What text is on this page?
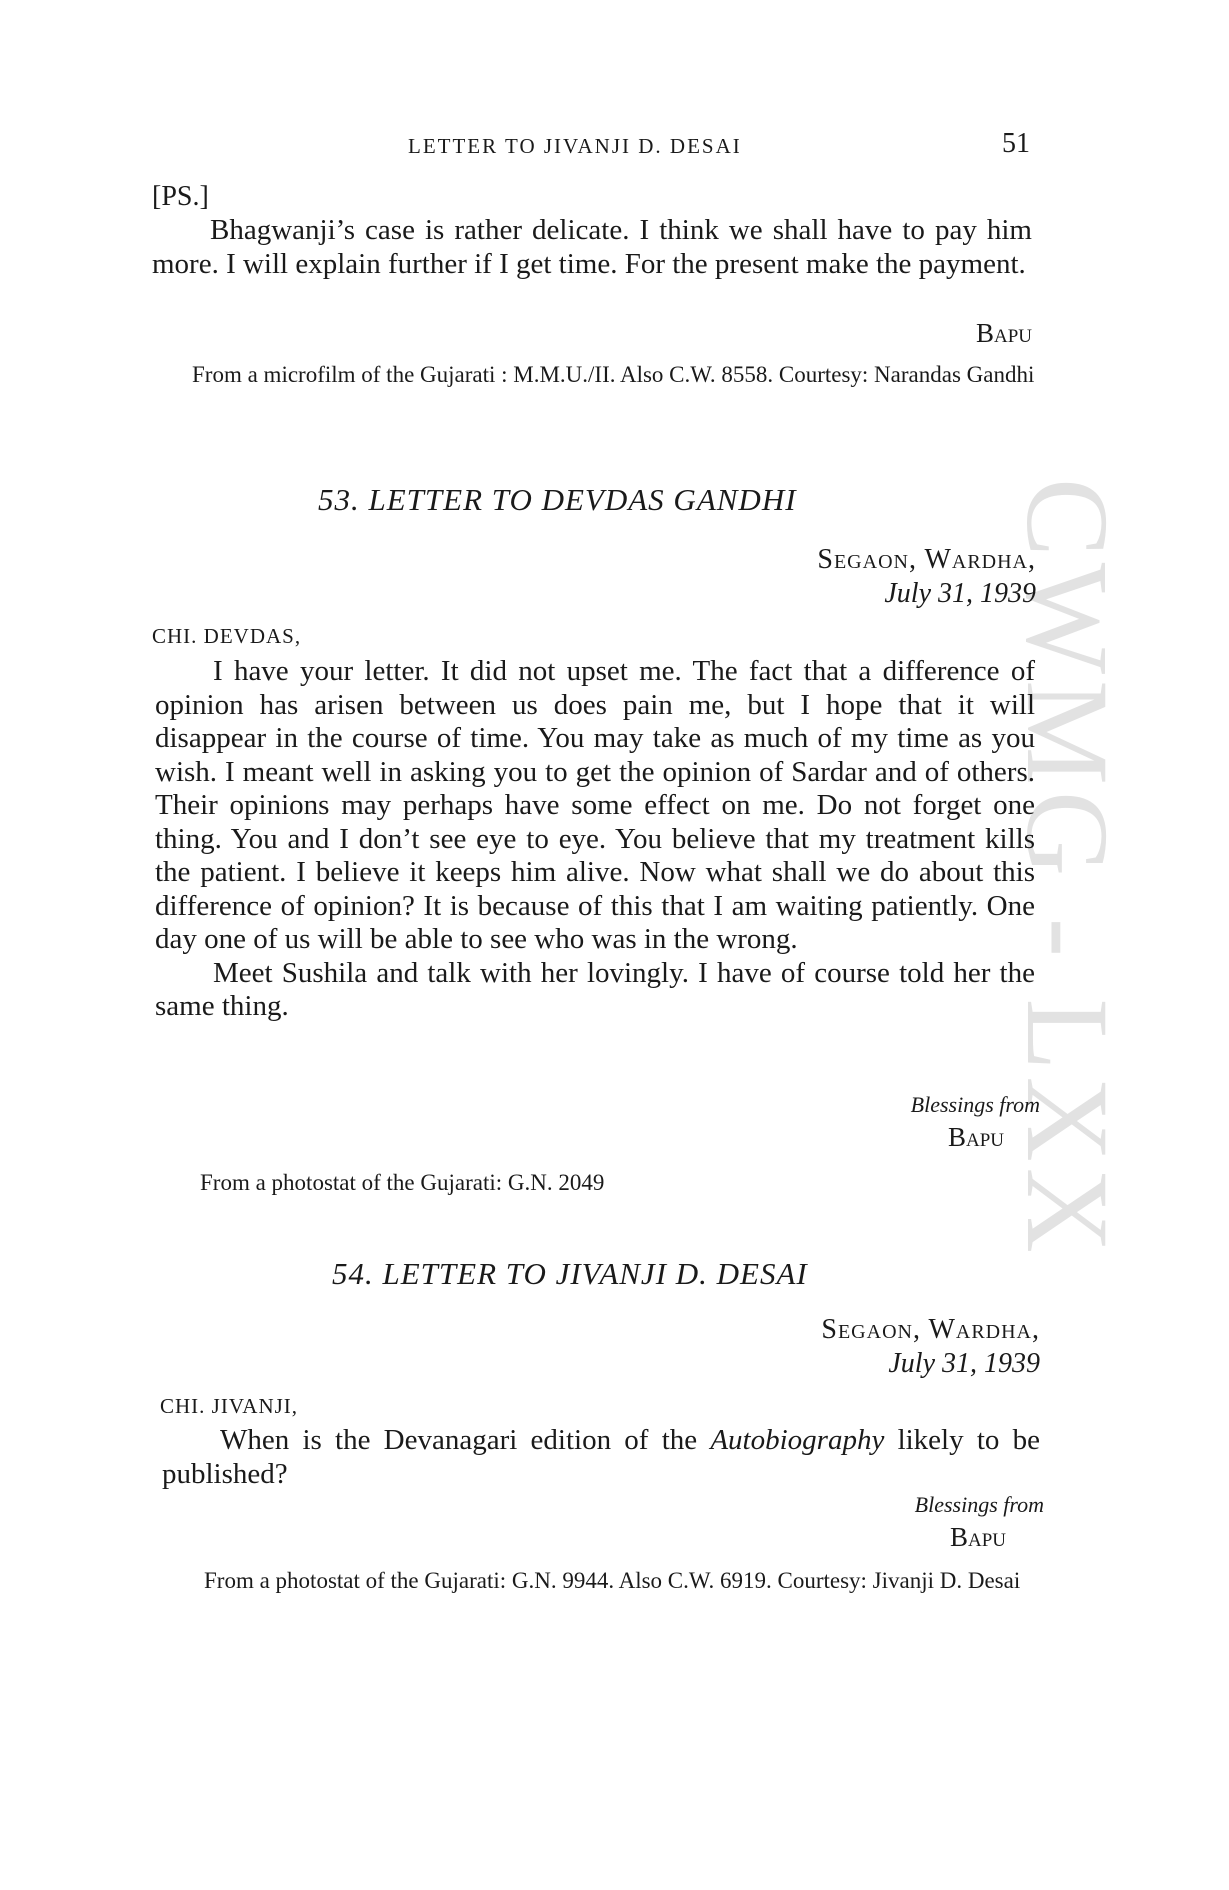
CWMG - LXX
LETTER TO JIVANJI D. DESAI	51
[PS.]

Bhagwanji’s case is rather delicate. I think we shall have to pay him more. I will explain further if I get time. For the present make the payment.

Bapu
From a microfilm of the Gujarati : M.M.U./II. Also C.W. 8558. Courtesy: Narandas Gandhi
53. LETTER TO DEVDAS GANDHI
Segaon, Wardha,
July 31, 1939
CHI. DEVDAS,

I have your letter. It did not upset me. The fact that a difference of opinion has arisen between us does pain me, but I hope that it will disappear in the course of time. You may take as much of my time as you wish. I meant well in asking you to get the opinion of Sardar and of others. Their opinions may perhaps have some effect on me. Do not forget one thing. You and I don’t see eye to eye. You believe that my treatment kills the patient. I believe it keeps him alive. Now what shall we do about this difference of opinion? It is because of this that I am waiting patiently. One day one of us will be able to see who was in the wrong.

Meet Sushila and talk with her lovingly. I have of course told her the same thing.

Blessings from
Bapu
From a photostat of the Gujarati: G.N. 2049
54. LETTER TO JIVANJI D. DESAI
Segaon, Wardha,
July 31, 1939
CHI. JIVANJI,

When is the Devanagari edition of the Autobiography likely to be published?

Blessings from
Bapu
From a photostat of the Gujarati: G.N. 9944. Also C.W. 6919. Courtesy: Jivanji D. Desai
